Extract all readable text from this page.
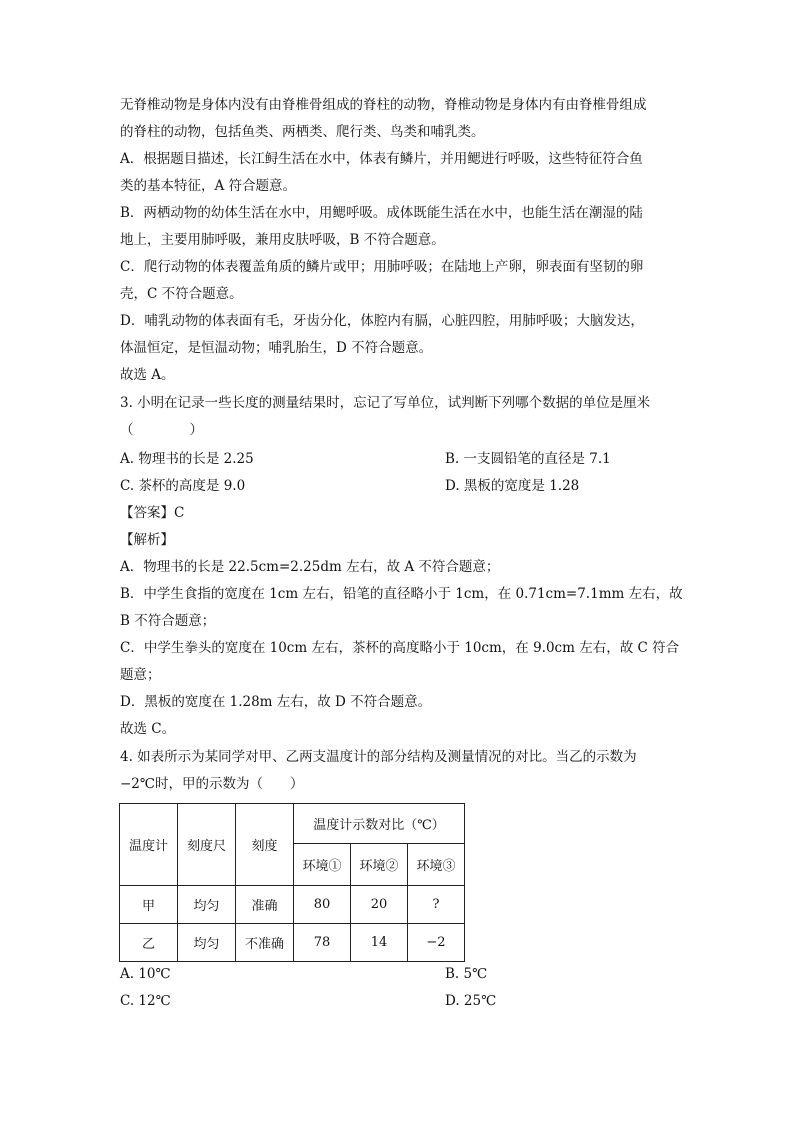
无脊椎动物是身体内没有由脊椎骨组成的脊柱的动物，脊椎动物是身体内有由脊椎骨组成
的脊柱的动物，包括鱼类、两栖类、爬行类、鸟类和哺乳类。
A．根据题目描述，长江鲟生活在水中，体表有鳞片，并用鳃进行呼吸，这些特征符合鱼
类的基本特征，A 符合题意。
B．两栖动物的幼体生活在水中，用鳃呼吸。成体既能生活在水中，也能生活在潮湿的陆
地上，主要用肺呼吸，兼用皮肤呼吸，B 不符合题意。
C．爬行动物的体表覆盖角质的鳞片或甲；用肺呼吸；在陆地上产卵，卵表面有坚韧的卵
壳，C 不符合题意。
D．哺乳动物的体表面有毛，牙齿分化，体腔内有膈，心脏四腔，用肺呼吸；大脑发达，
体温恒定，是恒温动物；哺乳胎生，D 不符合题意。
故选 A。
3. 小明在记录一些长度的测量结果时，忘记了写单位，试判断下列哪个数据的单位是厘米
（	）
A. 物理书的长是 2.25	B. 一支圆铅笔的直径是 7.1
C. 茶杯的高度是 9.0	D. 黑板的宽度是 1.28
【答案】C
【解析】
A．物理书的长是 22.5cm=2.25dm 左右，故 A 不符合题意；
B．中学生食指的宽度在 1cm 左右，铅笔的直径略小于 1cm，在 0.71cm=7.1mm 左右，故
B 不符合题意；
C．中学生拳头的宽度在 10cm 左右，茶杯的高度略小于 10cm，在 9.0cm 左右，故 C 符合
题意；
D．黑板的宽度在 1.28m 左右，故 D 不符合题意。
故选 C。
4. 如表所示为某同学对甲、乙两支温度计的部分结构及测量情况的对比。当乙的示数为
−2℃时，甲的示数为（　　）
温度计	刻度尺	刻度	温度计示数对比（℃）		
			环境①	环境②	环境③
甲	均匀	准确	80	20	?
乙	均匀	不准确	78	14	−2
A. 10℃	B. 5℃
C. 12℃	D. 25℃
